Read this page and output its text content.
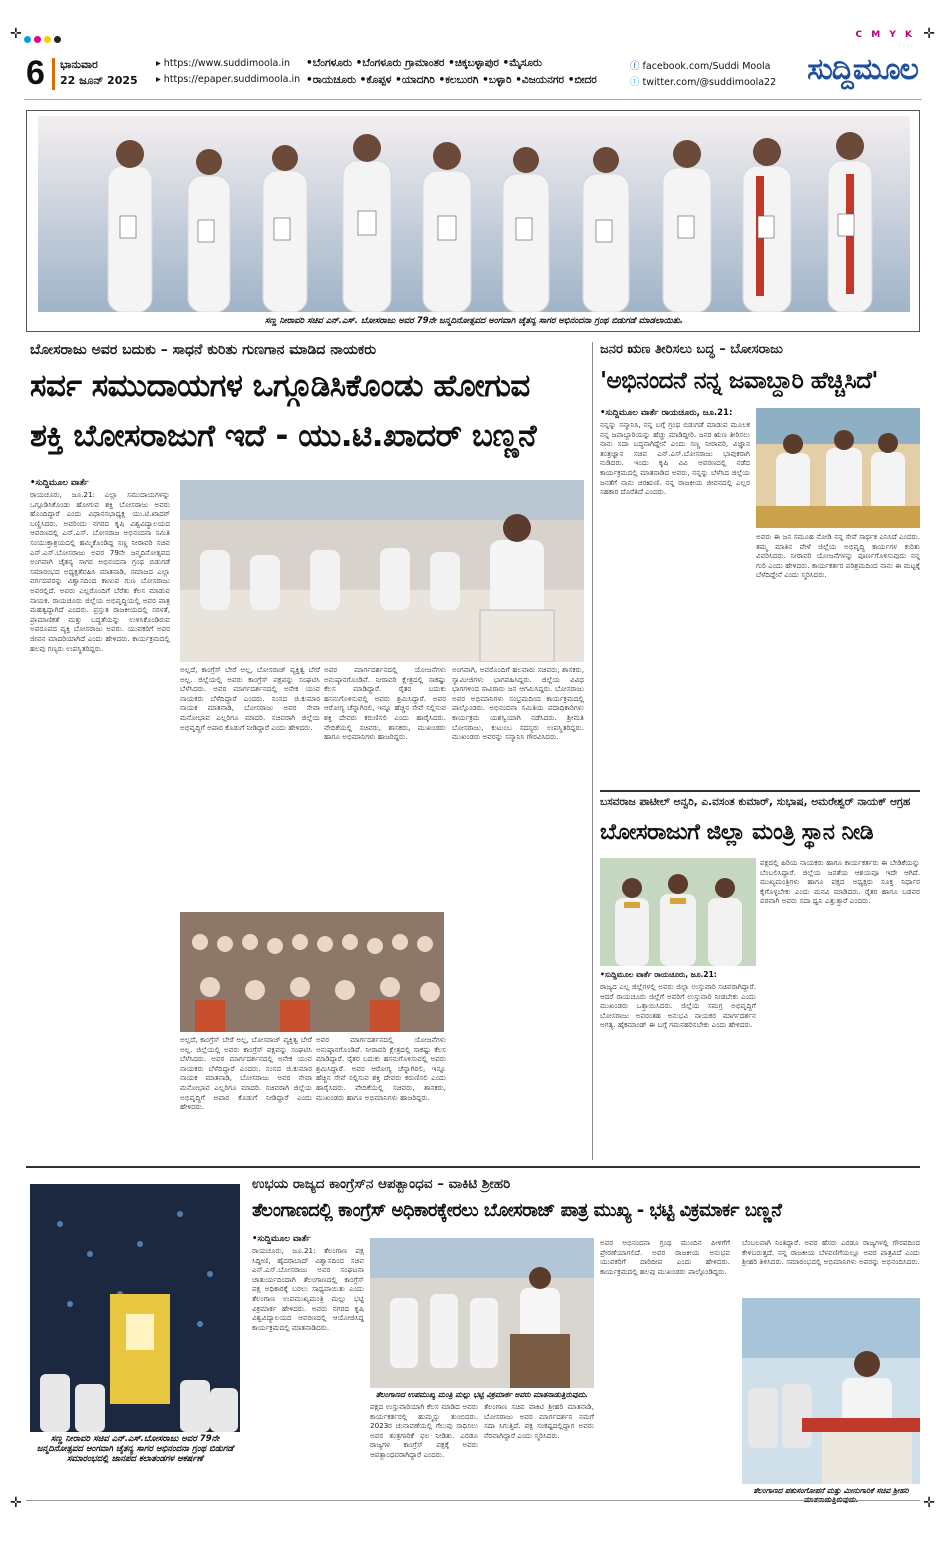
✛	✛
✛	✛
C M Y K
6 ಭಾನುವಾರ
22 ಜೂನ್ 2025
▸ https://www.suddimoola.in
▸ https://epaper.suddimoola.in
•ಬೆಂಗಳೂರು •ಬೆಂಗಳೂರು ಗ್ರಾಮಾಂತರ •ಚಿಕ್ಕಬಳ್ಳಾಪುರ •ಮೈಸೂರು
•ರಾಯಚೂರು •ಕೊಪ್ಪಳ •ಯಾದಗಿರಿ •ಕಲಬುರಗಿ •ಬಳ್ಳಾರಿ •ವಿಜಯನಗರ •ಬೀದರ
ⓕ facebook.com/Suddi Moola
ⓣ twitter.com/@suddimoola22 ಸುದ್ದಿಮೂಲ
ಸಣ್ಣ ನೀರಾವರಿ ಸಚಿವ ಎನ್.ಎಸ್. ಬೋಸರಾಜು ಅವರ 79ನೇ ಜನ್ಮದಿನೋತ್ಸವದ ಅಂಗವಾಗಿ ಚೈತನ್ಯ ಸಾಗರ ಅಭಿನಂದನಾ ಗ್ರಂಥ ಬಿಡುಗಡೆ ಮಾಡಲಾಯಿತು.
ಬೋಸರಾಜು ಅವರ ಬದುಕು – ಸಾಧನೆ ಕುರಿತು ಗುಣಗಾನ ಮಾಡಿದ ನಾಯಕರು
ಸರ್ವ ಸಮುದಾಯಗಳ ಒಗ್ಗೂಡಿಸಿಕೊಂಡು ಹೋಗುವ
ಶಕ್ತಿ ಬೋಸರಾಜುಗೆ ಇದೆ - ಯು.ಟಿ.ಖಾದರ್ ಬಣ್ಣನೆ
•ಸುದ್ದಿಮೂಲ ವಾರ್ತೆ

ರಾಯಚೂರು, ಜೂ.21: ಎಲ್ಲಾ ಸಮುದಾಯಗಳನ್ನು ಒಗ್ಗೂಡಿಸಿಕೊಂಡು ಹೋಗುವ ಶಕ್ತಿ ಬೋಸರಾಜು ಅವರು ಹೊಂದಿದ್ದಾರೆ ಎಂದು ವಿಧಾನಸಭಾಧ್ಯಕ್ಷ ಯು.ಟಿ.ಖಾದರ್ ಬಣ್ಣಿಸಿದರು. ಅವರಿಂದು ನಗರದ ಕೃಷಿ ವಿಶ್ವವಿದ್ಯಾಲಯದ ಆವರಣದಲ್ಲಿ ಎನ್.ಎಸ್. ಬೋಸರಾಜ ಅಭಿನಂದನಾ ಸಮಿತಿ ಸಂಯುಕ್ತಾಶ್ರಯದಲ್ಲಿ ಹಮ್ಮಿಕೊಂಡಿದ್ದ ಸಣ್ಣ ನೀರಾವರಿ ಸಚಿವ ಎನ್.ಎಸ್.ಬೋಸರಾಜು ಅವರ 79ನೇ ಜನ್ಮದಿನೋತ್ಸವದ ಅಂಗವಾಗಿ ಚೈತನ್ಯ ಸಾಗರ ಅಭಿನಂದನಾ ಗ್ರಂಥ ಬಿಡುಗಡೆ ಸಮಾರಂಭದ ಅಧ್ಯಕ್ಷತೆವಹಿಸಿ ಮಾತನಾಡಿ, ಸಮಾಜದ ಎಲ್ಲಾ ವರ್ಗದವರನ್ನು ವಿಶ್ವಾಸದಿಂದ ಕಾಣುವ ಗುಣ ಬೋಸರಾಜು ಅವರಲ್ಲಿದೆ. ಅವರು ಎಲ್ಲರೊಂದಿಗೆ ಬೆರೆತು ಕೆಲಸ ಮಾಡುವ ನಾಯಕ. ರಾಯಚೂರು ಜಿಲ್ಲೆಯ ಅಭಿವೃದ್ಧಿಯಲ್ಲಿ ಅವರ ಪಾತ್ರ ಮಹತ್ವದ್ದಾಗಿದೆ ಎಂದರು. ಪ್ರಸ್ತುತ ರಾಜಕೀಯದಲ್ಲಿ ಸರಳತೆ, ಪ್ರಾಮಾಣಿಕತೆ ಮತ್ತು ಬದ್ಧತೆಯನ್ನು ಉಳಿಸಿಕೊಂಡಿರುವ ಅಪರೂಪದ ವ್ಯಕ್ತಿ ಬೋಸರಾಜು ಅವರು. ಯುವಕರಿಗೆ ಅವರ ಜೀವನ ಮಾದರಿಯಾಗಿದೆ ಎಂದು ಹೇಳಿದರು. ಕಾರ್ಯಕ್ರಮದಲ್ಲಿ ಹಲವು ಗಣ್ಯರು ಉಪಸ್ಥಿತರಿದ್ದರು.

ಅಲ್ಲದೆ, ಕಾಂಗ್ರೆಸ್ ಬೇರೆ ಅಲ್ಲ, ಬೋಸರಾಜ್ ವ್ಯಕ್ತಿತ್ವ ಬೇರೆ ಅಲ್ಲ. ಜಿಲ್ಲೆಯಲ್ಲಿ ಅವರು ಕಾಂಗ್ರೆಸ್ ಪಕ್ಷವನ್ನು ಸಂಘಟಿಸಿ ಬೆಳೆಸಿದರು. ಅವರ ಮಾರ್ಗದರ್ಶನದಲ್ಲಿ ಅನೇಕ ಯುವ ನಾಯಕರು ಬೆಳೆದಿದ್ದಾರೆ ಎಂದರು. ಸಂಸದ ಜಿ.ಕುಮಾರ ನಾಯಕ ಮಾತನಾಡಿ, ಬೋಸರಾಜು ಅವರ ಸೇವಾ ಮನೋಭಾವ ಎಲ್ಲರಿಗೂ ಮಾದರಿ. ಸಚಿವರಾಗಿ ಜಿಲ್ಲೆಯ ಅಭಿವೃದ್ಧಿಗೆ ಅಪಾರ ಕೊಡುಗೆ ನೀಡಿದ್ದಾರೆ ಎಂದು ಹೇಳಿದರು.

ಅವರ ಮಾರ್ಗದರ್ಶನದಲ್ಲಿ ಯೋಜನೆಗಳು ಅನುಷ್ಠಾನಗೊಂಡಿವೆ. ನೀರಾವರಿ ಕ್ಷೇತ್ರದಲ್ಲಿ ಸಾಕಷ್ಟು ಕೆಲಸ ಮಾಡಿದ್ದಾರೆ. ರೈತರ ಬದುಕು ಹಸನುಗೊಳಿಸುವಲ್ಲಿ ಅವರು ಶ್ರಮಿಸಿದ್ದಾರೆ. ಅವರ ಆರೋಗ್ಯ ಚೆನ್ನಾಗಿರಲಿ, ಇನ್ನೂ ಹೆಚ್ಚಿನ ಸೇವೆ ಸಲ್ಲಿಸುವ ಶಕ್ತಿ ದೇವರು ಕರುಣಿಸಲಿ ಎಂದು ಹಾರೈಸಿದರು. ವೇದಿಕೆಯಲ್ಲಿ ಸಚಿವರು, ಶಾಸಕರು, ಮುಖಂಡರು ಹಾಗೂ ಅಭಿಮಾನಿಗಳು ಹಾಜರಿದ್ದರು.

ಅಂಗವಾಗಿ, ಅವರೊಂದಿಗೆ ಹಲವಾರು ಸಚಿವರು, ಶಾಸಕರು, ಸ್ವಾಮೀಜಿಗಳು ಭಾಗವಹಿಸಿದ್ದರು. ಜಿಲ್ಲೆಯ ವಿವಿಧ ಭಾಗಗಳಿಂದ ಸಾವಿರಾರು ಜನ ಆಗಮಿಸಿದ್ದರು. ಬೋಸರಾಜು ಅವರ ಅಭಿಮಾನಿಗಳು ಸಂಭ್ರಮದಿಂದ ಕಾರ್ಯಕ್ರಮದಲ್ಲಿ ಪಾಲ್ಗೊಂಡರು. ಅಭಿನಂದನಾ ಸಮಿತಿಯ ಪದಾಧಿಕಾರಿಗಳು ಕಾರ್ಯಕ್ರಮ ಯಶಸ್ವಿಯಾಗಿ ನಡೆಸಿದರು. ಶ್ರೀಮತಿ ಬೋಸರಾಜು, ಕುಟುಂಬ ಸದಸ್ಯರು ಉಪಸ್ಥಿತರಿದ್ದರು. ಮುಖಂಡರು ಅವರನ್ನು ಸನ್ಮಾನಿಸಿ ಗೌರವಿಸಿದರು.

ಅಲ್ಲದೆ, ಕಾಂಗ್ರೆಸ್ ಬೇರೆ ಅಲ್ಲ, ಬೋಸರಾಜ್ ವ್ಯಕ್ತಿತ್ವ ಬೇರೆ ಅಲ್ಲ. ಜಿಲ್ಲೆಯಲ್ಲಿ ಅವರು ಕಾಂಗ್ರೆಸ್ ಪಕ್ಷವನ್ನು ಸಂಘಟಿಸಿ ಬೆಳೆಸಿದರು. ಅವರ ಮಾರ್ಗದರ್ಶನದಲ್ಲಿ ಅನೇಕ ಯುವ ನಾಯಕರು ಬೆಳೆದಿದ್ದಾರೆ ಎಂದರು. ಸಂಸದ ಜಿ.ಕುಮಾರ ನಾಯಕ ಮಾತನಾಡಿ, ಬೋಸರಾಜು ಅವರ ಸೇವಾ ಮನೋಭಾವ ಎಲ್ಲರಿಗೂ ಮಾದರಿ. ಸಚಿವರಾಗಿ ಜಿಲ್ಲೆಯ ಅಭಿವೃದ್ಧಿಗೆ ಅಪಾರ ಕೊಡುಗೆ ನೀಡಿದ್ದಾರೆ ಎಂದು ಹೇಳಿದರು.

ಅವರ ಮಾರ್ಗದರ್ಶನದಲ್ಲಿ ಯೋಜನೆಗಳು ಅನುಷ್ಠಾನಗೊಂಡಿವೆ. ನೀರಾವರಿ ಕ್ಷೇತ್ರದಲ್ಲಿ ಸಾಕಷ್ಟು ಕೆಲಸ ಮಾಡಿದ್ದಾರೆ. ರೈತರ ಬದುಕು ಹಸನುಗೊಳಿಸುವಲ್ಲಿ ಅವರು ಶ್ರಮಿಸಿದ್ದಾರೆ. ಅವರ ಆರೋಗ್ಯ ಚೆನ್ನಾಗಿರಲಿ, ಇನ್ನೂ ಹೆಚ್ಚಿನ ಸೇವೆ ಸಲ್ಲಿಸುವ ಶಕ್ತಿ ದೇವರು ಕರುಣಿಸಲಿ ಎಂದು ಹಾರೈಸಿದರು. ವೇದಿಕೆಯಲ್ಲಿ ಸಚಿವರು, ಶಾಸಕರು, ಮುಖಂಡರು ಹಾಗೂ ಅಭಿಮಾನಿಗಳು ಹಾಜರಿದ್ದರು.

ಜನರ ಋಣ ತೀರಿಸಲು ಬದ್ಧ – ಬೋಸರಾಜು
'ಅಭಿನಂದನೆ ನನ್ನ ಜವಾಬ್ದಾರಿ ಹೆಚ್ಚಿಸಿದೆ'
•ಸುದ್ದಿಮೂಲ ವಾರ್ತೆ ರಾಯಚೂರು, ಜೂ.21:

ನನ್ನನ್ನು ಸನ್ಮಾನಿಸಿ, ನನ್ನ ಬಗ್ಗೆ ಗ್ರಂಥ ಬಿಡುಗಡೆ ಮಾಡುವ ಮೂಲಕ ನನ್ನ ಜವಾಬ್ದಾರಿಯನ್ನು ಹೆಚ್ಚು ಮಾಡಿದ್ದೀರಿ. ಜನರ ಋಣ ತೀರಿಸಲು ನಾನು ಸದಾ ಬದ್ಧನಾಗಿದ್ದೇನೆ ಎಂದು ಸಣ್ಣ ನೀರಾವರಿ, ವಿಜ್ಞಾನ ತಂತ್ರಜ್ಞಾನ ಸಚಿವ ಎನ್.ಎಸ್.ಬೋಸರಾಜು ಭಾವುಕರಾಗಿ ನುಡಿದರು. ಇಂದು ಕೃಷಿ ವಿವಿ ಆವರಣದಲ್ಲಿ ನಡೆದ ಕಾರ್ಯಕ್ರಮದಲ್ಲಿ ಮಾತನಾಡಿದ ಅವರು, ನನ್ನನ್ನು ಬೆಳೆಸಿದ ಜಿಲ್ಲೆಯ ಜನತೆಗೆ ನಾನು ಚಿರಋಣಿ. ನನ್ನ ರಾಜಕೀಯ ಜೀವನದಲ್ಲಿ ಎಲ್ಲರ ಸಹಕಾರ ದೊರೆತಿದೆ ಎಂದರು.

ಅವರು ಈ ಜನ ಸಮೂಹ ನೋಡಿ ನನ್ನ ಸೇವೆ ಸಾರ್ಥಕ ಎನಿಸಿದೆ ಎಂದರು. ತಮ್ಮ ಮಾತಿನ ವೇಳೆ ಜಿಲ್ಲೆಯ ಅಭಿವೃದ್ಧಿ ಕಾರ್ಯಗಳ ಕುರಿತು ವಿವರಿಸಿದರು. ನೀರಾವರಿ ಯೋಜನೆಗಳನ್ನು ಪೂರ್ಣಗೊಳಿಸುವುದು ನನ್ನ ಗುರಿ ಎಂದು ಹೇಳಿದರು. ಕಾರ್ಯಕರ್ತರ ಪರಿಶ್ರಮದಿಂದ ನಾನು ಈ ಮಟ್ಟಕ್ಕೆ ಬೆಳೆದಿದ್ದೇನೆ ಎಂದು ಸ್ಮರಿಸಿದರು.

ಬಸವರಾಜ ಪಾಟೀಲ್ ಅನ್ವರಿ, ಎ.ವಸಂತ ಕುಮಾರ್, ಸುಭಾಷ, ಅಮರೇಶ್ವರ್ ನಾಯಕ್ ಆಗ್ರಹ
ಬೋಸರಾಜುಗೆ ಜಿಲ್ಲಾ ಮಂತ್ರಿ ಸ್ಥಾನ ನೀಡಿ

ಪಕ್ಷದಲ್ಲಿ ಹಿರಿಯ ನಾಯಕರು ಹಾಗೂ ಕಾರ್ಯಕರ್ತರು ಈ ಬೇಡಿಕೆಯನ್ನು ಬೆಂಬಲಿಸಿದ್ದಾರೆ. ಜಿಲ್ಲೆಯ ಜನತೆಯ ಆಶಯವೂ ಇದೇ ಆಗಿದೆ. ಮುಖ್ಯಮಂತ್ರಿಗಳು ಹಾಗೂ ಪಕ್ಷದ ಅಧ್ಯಕ್ಷರು ಸೂಕ್ತ ನಿರ್ಧಾರ ಕೈಗೊಳ್ಳಬೇಕು ಎಂದು ಮನವಿ ಮಾಡಿದರು. ರೈತರ ಹಾಗೂ ಬಡವರ ಪರವಾಗಿ ಅವರು ಸದಾ ಧ್ವನಿ ಎತ್ತುತ್ತಾರೆ ಎಂದರು.

•ಸುದ್ದಿಮೂಲ ವಾರ್ತೆ ರಾಯಚೂರು, ಜೂ.21:

ರಾಜ್ಯದ ಎಲ್ಲ ಜಿಲ್ಲೆಗಳಲ್ಲಿ ಅವರು ಜಿಲ್ಲಾ ಉಸ್ತುವಾರಿ ಸಚಿವರಾಗಿದ್ದಾರೆ. ಆದರೆ ರಾಯಚೂರು ಜಿಲ್ಲೆಗೆ ಅವರಿಗೆ ಉಸ್ತುವಾರಿ ನೀಡಬೇಕು ಎಂದು ಮುಖಂಡರು ಒತ್ತಾಯಿಸಿದರು. ಜಿಲ್ಲೆಯ ಸಮಗ್ರ ಅಭಿವೃದ್ಧಿಗೆ ಬೋಸರಾಜು ಅವರಂತಹ ಅನುಭವಿ ನಾಯಕರ ಮಾರ್ಗದರ್ಶನ ಅಗತ್ಯ. ಹೈಕಮಾಂಡ್ ಈ ಬಗ್ಗೆ ಗಮನಹರಿಸಬೇಕು ಎಂದು ಹೇಳಿದರು.

ಸಣ್ಣ ನೀರಾವರಿ ಸಚಿವ ಎನ್.ಎಸ್.ಬೋಸರಾಜು ಅವರ 79ನೇ ಜನ್ಮದಿನೋತ್ಸವದ ಅಂಗವಾಗಿ ಚೈತನ್ಯ ಸಾಗರ ಅಭಿನಂದನಾ ಗ್ರಂಥ ಬಿಡುಗಡೆ ಸಮಾರಂಭದಲ್ಲಿ ಜಾನಪದ ಕಲಾತಂಡಗಳ ಆಕರ್ಷಣೆ
ಉಭಯ ರಾಜ್ಯದ ಕಾಂಗ್ರೆಸ್‌ನ ಆಪತ್ಬಾಂಧವ – ವಾಕಿಟಿ ಶ್ರೀಹರಿ
ತೆಲಂಗಾಣದಲ್ಲಿ ಕಾಂಗ್ರೆಸ್ ಅಧಿಕಾರಕ್ಕೇರಲು ಬೋಸರಾಜ್ ಪಾತ್ರ ಮುಖ್ಯ - ಭಟ್ಟಿ ವಿಕ್ರಮಾರ್ಕ ಬಣ್ಣನೆ
•ಸುದ್ದಿಮೂಲ ವಾರ್ತೆ

ರಾಯಚೂರು, ಜೂ.21: ತೆಲಂಗಾಣ ಪಕ್ಷ ಸಿದ್ದೀಣಿ, ಹೈದರಾಬಾದ್ ವಿಶ್ವಾಸದಿಂದ ಸಚಿವ ಎನ್.ಎಸ್.ಬೋಸರಾಜು ಅವರ ಸಂಘಟನಾ ಚಾತುರ್ಯದಿಂದಾಗಿ ತೆಲಂಗಾಣದಲ್ಲಿ ಕಾಂಗ್ರೆಸ್ ಪಕ್ಷ ಅಧಿಕಾರಕ್ಕೆ ಬರಲು ಸಾಧ್ಯವಾಯಿತು ಎಂದು ತೆಲಂಗಾಣ ಉಪಮುಖ್ಯಮಂತ್ರಿ ಮಲ್ಲು ಭಟ್ಟಿ ವಿಕ್ರಮಾರ್ಕ ಹೇಳಿದರು. ಅವರು ನಗರದ ಕೃಷಿ ವಿಶ್ವವಿದ್ಯಾಲಯದ ಆವರಣದಲ್ಲಿ ಆಯೋಜಿಸಿದ್ದ ಕಾರ್ಯಕ್ರಮದಲ್ಲಿ ಮಾತನಾಡಿದರು.

ತೆಲಂಗಾಣದ ಉಪಮುಖ್ಯ ಮಂತ್ರಿ ಮಲ್ಲು ಭಟ್ಟಿ ವಿಕ್ರಮಾರ್ಕ ಅವರು ಮಾತನಾಡುತ್ತಿರುವುದು.

ಪಕ್ಷದ ಉಸ್ತುವಾರಿಯಾಗಿ ಕೆಲಸ ಮಾಡಿದ ಅವರು ಕಾರ್ಯಕರ್ತರಲ್ಲಿ ಹುಮ್ಮಸ್ಸು ತುಂಬಿದರು. 2023ರ ಚುನಾವಣೆಯಲ್ಲಿ ಗೆಲುವು ಸಾಧಿಸಲು ಅವರ ತಂತ್ರಗಾರಿಕೆ ಫಲ ನೀಡಿತು. ಎರಡೂ ರಾಜ್ಯಗಳ ಕಾಂಗ್ರೆಸ್ ಪಕ್ಷಕ್ಕೆ ಅವರು ಆಪತ್ಬಾಂಧವರಾಗಿದ್ದಾರೆ ಎಂದರು.

ತೆಲಂಗಾಣ ಸಚಿವ ವಾಕಿಟಿ ಶ್ರೀಹರಿ ಮಾತನಾಡಿ, ಬೋಸರಾಜು ಅವರ ಮಾರ್ಗದರ್ಶನ ನಮಗೆ ಸದಾ ಸಿಗುತ್ತಿದೆ. ಪಕ್ಷ ಸಂಕಷ್ಟದಲ್ಲಿದ್ದಾಗ ಅವರು ನೆರವಾಗಿದ್ದಾರೆ ಎಂದು ಸ್ಮರಿಸಿದರು.

ಅವರ ಅಭಿನಂದನಾ ಗ್ರಂಥ ಮುಂದಿನ ಪೀಳಿಗೆಗೆ ಪ್ರೇರಣೆಯಾಗಲಿದೆ. ಅವರ ರಾಜಕೀಯ ಅನುಭವ ಯುವಕರಿಗೆ ದಾರಿದೀಪ ಎಂದು ಹೇಳಿದರು. ಕಾರ್ಯಕ್ರಮದಲ್ಲಿ ಹಲವು ಮುಖಂಡರು ಪಾಲ್ಗೊಂಡಿದ್ದರು.

ಬೆಂಬಲವಾಗಿ ನಿಂತಿದ್ದಾರೆ. ಅವರ ಹೆಸರು ಎರಡೂ ರಾಜ್ಯಗಳಲ್ಲಿ ಗೌರವದಿಂದ ಕೇಳಿಬರುತ್ತದೆ. ನನ್ನ ರಾಜಕೀಯ ಬೆಳವಣಿಗೆಯಲ್ಲೂ ಅವರ ಪಾತ್ರವಿದೆ ಎಂದು ಶ್ರೀಹರಿ ತಿಳಿಸಿದರು. ಸಮಾರಂಭದಲ್ಲಿ ಅಭಿಮಾನಿಗಳು ಅವರನ್ನು ಅಭಿನಂದಿಸಿದರು.

ತೆಲಂಗಾಣದ ಪಶುಸಂಗೋಪನೆ ಮತ್ತು ಮೀನುಗಾರಿಕೆ ಸಚಿವ ಶ್ರೀಹರಿ
